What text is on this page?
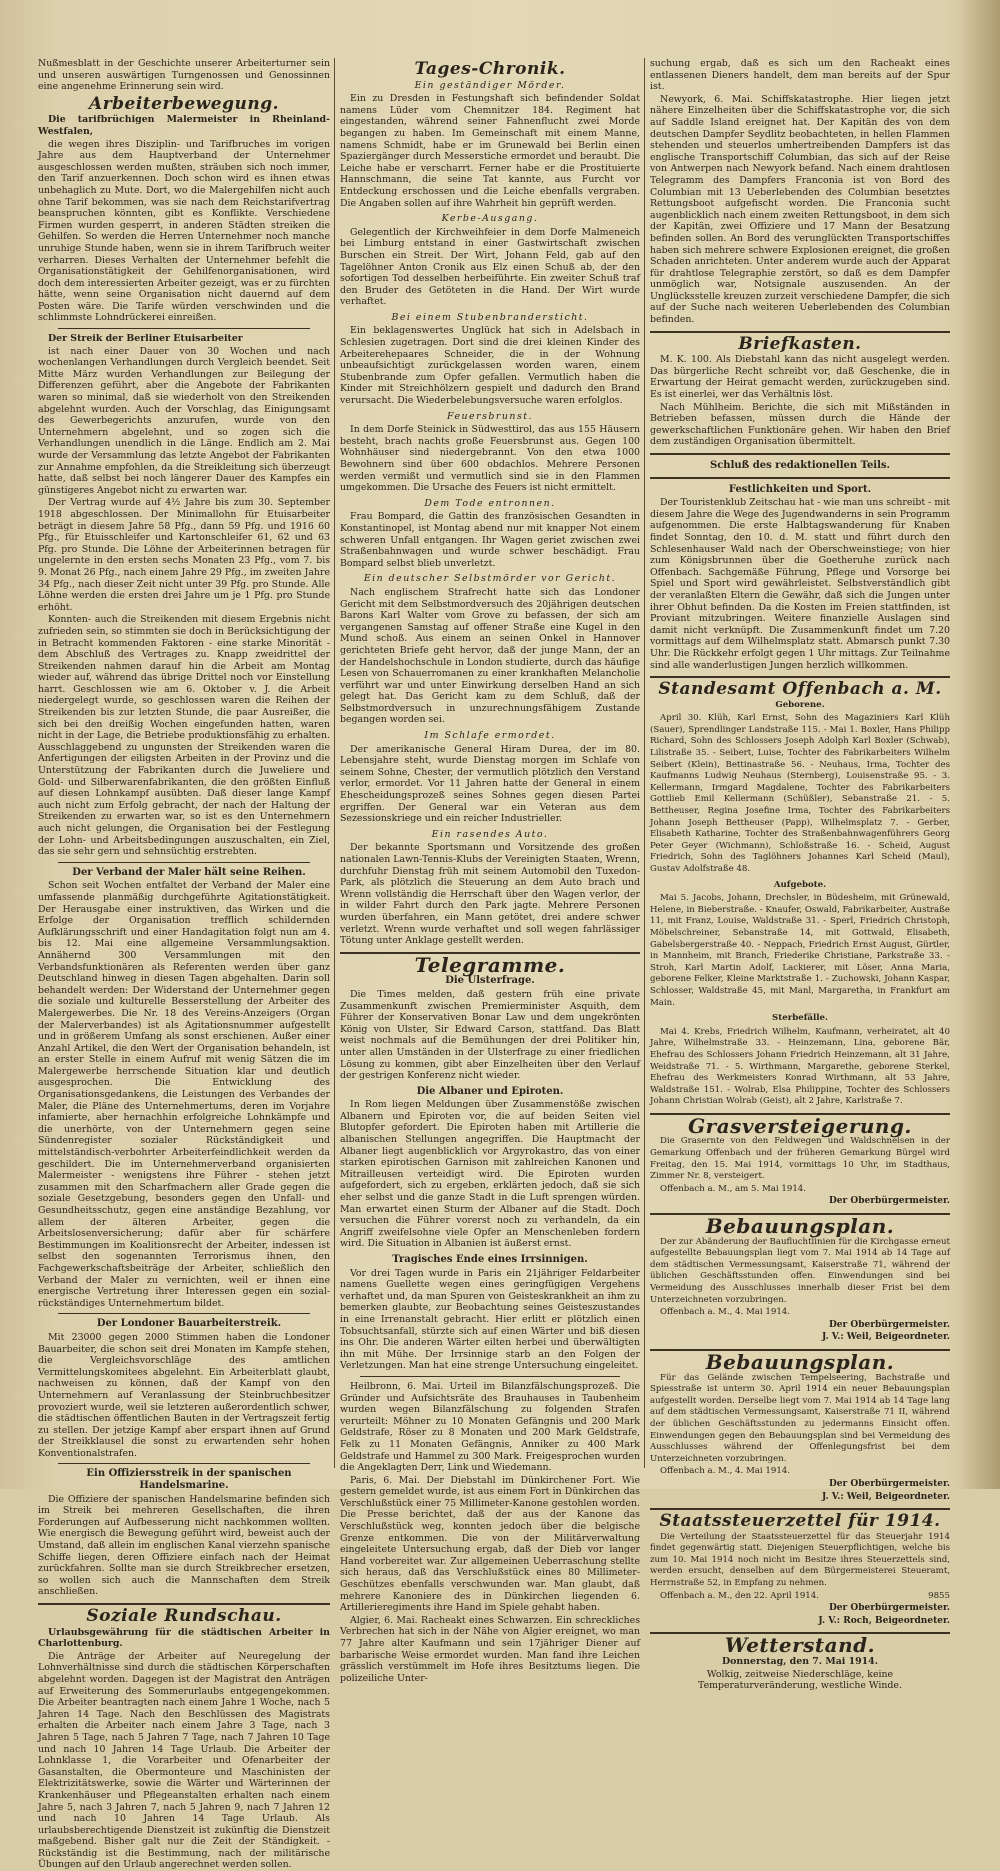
Nußmesblatt in der Geschichte unserer Arbeiterturner sein und unseren auswärtigen Turngenossen und Genossinnen eine angenehme Erinnerung sein wird.

Arbeiterbewegung.

Die tarifbrüchigen Malermeister in Rheinland-Westfalen,

die wegen ihres Disziplin- und Tarifbruches im vorigen Jahre aus dem Hauptverband der Unternehmer ausgeschlossen werden mußten, sträuben sich noch immer, den Tarif anzuerkennen. Doch schon wird es ihnen etwas unbehaglich zu Mute. Dort, wo die Malergehilfen nicht auch ohne Tarif bekommen, was sie nach dem Reichstarifvertrag beanspruchen könnten, gibt es Konflikte. Verschiedene Firmen wurden gesperrt, in anderen Städten streiken die Gehilfen. So werden die Herren Unternehmer noch manche unruhige Stunde haben, wenn sie in ihrem Tarifbruch weiter verharren. Dieses Verhalten der Unternehmer befehlt die Organisationstätigkeit der Gehilfenorganisationen, wird doch dem interessierten Arbeiter gezeigt, was er zu fürchten hätte, wenn seine Organisation nicht dauernd auf dem Posten wäre. Die Tarife würden verschwinden und die schlimmste Lohndrückerei einreißen.

Der Streik der Berliner Etuisarbeiter

ist nach einer Dauer von 30 Wochen und nach wochenlangen Verhandlungen durch Vergleich beendet. Seit Mitte März wurden Verhandlungen zur Beilegung der Differenzen geführt, aber die Angebote der Fabrikanten waren so minimal, daß sie wiederholt von den Streikenden abgelehnt wurden. Auch der Vorschlag, das Einigungsamt des Gewerbegerichts anzurufen, wurde von den Unternehmern abgelehnt, und so zogen sich die Verhandlungen unendlich in die Länge. Endlich am 2. Mai wurde der Versammlung das letzte Angebot der Fabrikanten zur Annahme empfohlen, da die Streikleitung sich überzeugt hatte, daß selbst bei noch längerer Dauer des Kampfes ein günstigeres Angebot nicht zu erwarten war.

Der Vertrag wurde auf 4½ Jahre bis zum 30. September 1918 abgeschlossen. Der Minimallohn für Etuisarbeiter beträgt in diesem Jahre 58 Pfg., dann 59 Pfg. und 1916 60 Pfg., für Etuisschleifer und Kartonschleifer 61, 62 und 63 Pfg. pro Stunde. Die Löhne der Arbeiterinnen betragen für ungelernte in den ersten sechs Monaten 23 Pfg., vom 7. bis 9. Monat 26 Pfg., nach einem Jahre 29 Pfg., im zweiten Jahre 34 Pfg., nach dieser Zeit nicht unter 39 Pfg. pro Stunde. Alle Löhne werden die ersten drei Jahre um je 1 Pfg. pro Stunde erhöht.

Konnten- auch die Streikenden mit diesem Ergebnis nicht zufrieden sein, so stimmten sie doch in Berücksichtigung der in Betracht kommenden Faktoren - eine starke Minorität - dem Abschluß des Vertrages zu. Knapp zweidrittel der Streikenden nahmen darauf hin die Arbeit am Montag wieder auf, während das übrige Drittel noch vor Einstellung harrt. Geschlossen wie am 6. Oktober v. J. die Arbeit niedergelegt wurde, so geschlossen waren die Reihen der Streikenden bis zur letzten Stunde, die paar Ausreißer, die sich bei den dreißig Wochen eingefunden hatten, waren nicht in der Lage, die Betriebe produktionsfähig zu erhalten. Ausschlaggebend zu ungunsten der Streikenden waren die Anfertigungen der eiligsten Arbeiten in der Provinz und die Unterstützung der Fabrikanten durch die Juweliere und Gold- und Silberwarenfabrikanten, die den größten Einfluß auf diesen Lohnkampf ausübten. Daß dieser lange Kampf auch nicht zum Erfolg gebracht, der nach der Haltung der Streikenden zu erwarten war, so ist es den Unternehmern auch nicht gelungen, die Organisation bei der Festlegung der Lohn- und Arbeitsbedingungen auszuschalten, ein Ziel, das sie sehr gern und sehnsüchtig erstrebten.

Der Verband der Maler hält seine Reihen.

Schon seit Wochen entfaltet der Verband der Maler eine umfassende planmäßig durchgeführte Agitationstätigkeit. Der Herausgabe einer instruktiven, das Wirken und die Erfolge der Organisation trefflich schildernden Aufklärungsschrift und einer Handagitation folgt nun am 4. bis 12. Mai eine allgemeine Versammlungsaktion. Annähernd 300 Versammlungen mit den Verbandsfunktionären als Referenten werden über ganz Deutschland hinweg in diesen Tagen abgehalten. Darin soll behandelt werden: Der Widerstand der Unternehmer gegen die soziale und kulturelle Besserstellung der Arbeiter des Malergewerbes. Die Nr. 18 des Vereins-Anzeigers (Organ der Malerverbandes) ist als Agitationsnummer aufgestellt und in größerem Umfang als sonst erschienen. Außer einer Anzahl Artikel, die den Wert der Organisation behandeln, ist an erster Stelle in einem Aufruf mit wenig Sätzen die im Malergewerbe herrschende Situation klar und deutlich ausgesprochen. Die Entwicklung des Organisationsgedankens, die Leistungen des Verbandes der Maler, die Pläne des Unternehmertums, deren im Vorjahre infamierte, aber hernachhin erfolgreiche Lohnkämpfe und die unerhörte, von der Unternehmern gegen seine Sündenregister sozialer Rückständigkeit und mittelständisch-verbohrter Arbeiterfeindlichkeit werden da geschildert. Die im Unternehmerverband organisierten Malermeister - wenigstens ihre Führer - stehen jetzt zusammen mit den Scharfmachern aller Grade gegen die soziale Gesetzgebung, besonders gegen den Unfall- und Gesundheitsschutz, gegen eine anständige Bezahlung, vor allem der älteren Arbeiter, gegen die Arbeitslosenversicherung; dafür aber für schärfere Bestimmungen im Koalitionsrecht der Arbeiter, indessen ist selbst den sogenannten Terrorismus ihnen, den Fachgewerkschaftsbeiträge der Arbeiter, schließlich den Verband der Maler zu vernichten, weil er ihnen eine energische Vertretung ihrer Interessen gegen ein sozial-rückständiges Unternehmertum bildet.

Der Londoner Bauarbeiterstreik.

Mit 23000 gegen 2000 Stimmen haben die Londoner Bauarbeiter, die schon seit drei Monaten im Kampfe stehen, die Vergleichsvorschläge des amtlichen Vermittelungskomitees abgelehnt. Ein Arbeiterblatt glaubt, nachweisen zu können, daß der Kampf von den Unternehmern auf Veranlassung der Steinbruchbesitzer provoziert wurde, weil sie letzteren außerordentlich schwer, die städtischen öffentlichen Bauten in der Vertragszeit fertig zu stellen. Der jetzige Kampf aber erspart ihnen auf Grund der Streikklausel die sonst zu erwartenden sehr hohen Konventionalstrafen.

Ein Offiziersstreik in der spanischen Handelsmarine.

Die Offiziere der spanischen Handelsmarine befinden sich im Streik bei mehreren Gesellschaften, die ihren Forderungen auf Aufbesserung nicht nachkommen wollten. Wie energisch die Bewegung geführt wird, beweist auch der Umstand, daß allein im englischen Kanal vierzehn spanische Schiffe liegen, deren Offiziere einfach nach der Heimat zurückfahren. Sollte man sie durch Streikbrecher ersetzen, so wollen sich auch die Mannschaften dem Streik anschließen.

Soziale Rundschau.

Urlaubsgewährung für die städtischen Arbeiter in Charlottenburg.

Die Anträge der Arbeiter auf Neuregelung der Lohnverhältnisse sind durch die städtischen Körperschaften abgelehnt worden. Dagegen ist der Magistrat den Anträgen auf Erweiterung des Sommerurlaubs entgegengekommen. Die Arbeiter beantragten nach einem Jahre 1 Woche, nach 5 Jahren 14 Tage. Nach den Beschlüssen des Magistrats erhalten die Arbeiter nach einem Jahre 3 Tage, nach 3 Jahren 5 Tage, nach 5 Jahren 7 Tage, nach 7 Jahren 10 Tage und nach 10 Jahren 14 Tage Urlaub. Die Arbeiter der Lohnklasse 1, die Vorarbeiter und Ofenarbeiter der Gasanstalten, die Obermonteure und Maschinisten der Elektrizitätswerke, sowie die Wärter und Wärterinnen der Krankenhäuser und Pflegeanstalten erhalten nach einem Jahre 5, nach 3 Jahren 7, nach 5 Jahren 9, nach 7 Jahren 12 und nach 10 Jahren 14 Tage Urlaub. Als urlaubsberechtigende Dienstzeit ist zukünftig die Dienstzeit maßgebend. Bisher galt nur die Zeit der Ständigkeit. - Rückständig ist die Bestimmung, nach der militärische Übungen auf den Urlaub angerechnet werden sollen.

Tages-Chronik.
Ein geständiger Mörder.

Ein zu Dresden in Festungshaft sich befindender Soldat namens Lüder vom Chemnitzer 184. Regiment hat eingestanden, während seiner Fahnenflucht zwei Morde begangen zu haben. Im Gemeinschaft mit einem Manne, namens Schmidt, habe er im Grunewald bei Berlin einen Spaziergänger durch Messerstiche ermordet und beraubt. Die Leiche habe er verscharrt. Ferner habe er die Prostituierte Hannschmann, die seine Tat kannte, aus Furcht vor Entdeckung erschossen und die Leiche ebenfalls vergraben. Die Angaben sollen auf ihre Wahrheit hin geprüft werden.

Kerbe-Ausgang.

Gelegentlich der Kirchweihfeier in dem Dorfe Malmeneich bei Limburg entstand in einer Gastwirtschaft zwischen Burschen ein Streit. Der Wirt, Johann Feld, gab auf den Tagelöhner Anton Cronik aus Elz einen Schuß ab, der den sofortigen Tod desselben herbeiführte. Ein zweiter Schuß traf den Bruder des Getöteten in die Hand. Der Wirt wurde verhaftet.

Bei einem Stubenbrandersticht.

Ein beklagenswertes Unglück hat sich in Adelsbach in Schlesien zugetragen. Dort sind die drei kleinen Kinder des Arbeiterehepaares Schneider, die in der Wohnung unbeaufsichtigt zurückgelassen worden waren, einem Stubenbrande zum Opfer gefallen. Vermutlich haben die Kinder mit Streichhölzern gespielt und dadurch den Brand verursacht. Die Wiederbelebungsversuche waren erfolglos.

Feuersbrunst.

In dem Dorfe Steinick in Südwesttirol, das aus 155 Häusern besteht, brach nachts große Feuersbrunst aus. Gegen 100 Wohnhäuser sind niedergebrannt. Von den etwa 1000 Bewohnern sind über 600 obdachlos. Mehrere Personen werden vermißt und vermutlich sind sie in den Flammen umgekommen. Die Ursache des Feuers ist nicht ermittelt.

Dem Tode entronnen.

Frau Bompard, die Gattin des französischen Gesandten in Konstantinopel, ist Montag abend nur mit knapper Not einem schweren Unfall entgangen. Ihr Wagen geriet zwischen zwei Straßenbahnwagen und wurde schwer beschädigt. Frau Bompard selbst blieb unverletzt.

Ein deutscher Selbstmörder vor Gericht.

Nach englischem Strafrecht hatte sich das Londoner Gericht mit dem Selbstmordversuch des 20jährigen deutschen Barons Karl Walter vom Grove zu befassen, der sich am vergangenen Samstag auf offener Straße eine Kugel in den Mund schoß. Aus einem an seinen Onkel in Hannover gerichteten Briefe geht hervor, daß der junge Mann, der an der Handelshochschule in London studierte, durch das häufige Lesen von Schauerromanen zu einer krankhaften Melancholie verführt war und unter Einwirkung derselben Hand an sich gelegt hat. Das Gericht kam zu dem Schluß, daß der Selbstmordversuch in unzurechnungsfähigem Zustande begangen worden sei.

Im Schlafe ermordet.

Der amerikanische General Hiram Durea, der im 80. Lebensjahre steht, wurde Dienstag morgen im Schlafe von seinem Sohne, Chester, der vermutlich plötzlich den Verstand verlor, ermordet. Vor 11 Jahren hatte der General in einem Ehescheidungsprozeß seines Sohnes gegen diesen Partei ergriffen. Der General war ein Veteran aus dem Sezessionskriege und ein reicher Industrieller.

Ein rasendes Auto.

Der bekannte Sportsmann und Vorsitzende des großen nationalen Lawn-Tennis-Klubs der Vereinigten Staaten, Wrenn, durchfuhr Dienstag früh mit seinem Automobil den Tuxedon-Park, als plötzlich die Steuerung an dem Auto brach und Wrenn vollständig die Herrschaft über den Wagen verlor, der in wilder Fahrt durch den Park jagte. Mehrere Personen wurden überfahren, ein Mann getötet, drei andere schwer verletzt. Wrenn wurde verhaftet und soll wegen fahrlässiger Tötung unter Anklage gestellt werden.

Telegramme.
Die Ulsterfrage.

Die Times melden, daß gestern früh eine private Zusammenkunft zwischen Premierminister Asquith, dem Führer der Konservativen Bonar Law und dem ungekrönten König von Ulster, Sir Edward Carson, stattfand. Das Blatt weist nochmals auf die Bemühungen der drei Politiker hin, unter allen Umständen in der Ulsterfrage zu einer friedlichen Lösung zu kommen, gibt aber Einzelheiten über den Verlauf der gestrigen Konferenz nicht wieder.

Die Albaner und Epiroten.

In Rom liegen Meldungen über Zusammenstöße zwischen Albanern und Epiroten vor, die auf beiden Seiten viel Blutopfer gefordert. Die Epiroten haben mit Artillerie die albanischen Stellungen angegriffen. Die Hauptmacht der Albaner liegt augenblicklich vor Argyrokastro, das von einer starken epirotischen Garnison mit zahlreichen Kanonen und Mitrailleusen verteidigt wird. Die Epiroten wurden aufgefordert, sich zu ergeben, erklärten jedoch, daß sie sich eher selbst und die ganze Stadt in die Luft sprengen würden. Man erwartet einen Sturm der Albaner auf die Stadt. Doch versuchen die Führer vorerst noch zu verhandeln, da ein Angriff zweifelsohne viele Opfer an Menschenleben fordern wird. Die Situation in Albanien ist äußerst ernst.

Tragisches Ende eines Irrsinnigen.

Vor drei Tagen wurde in Paris ein 21jähriger Feldarbeiter namens Guellette wegen eines geringfügigen Vergehens verhaftet und, da man Spuren von Geisteskrankheit an ihm zu bemerken glaubte, zur Beobachtung seines Geisteszustandes in eine Irrenanstalt gebracht. Hier erlitt er plötzlich einen Tobsuchtsanfall, stürzte sich auf einen Wärter und biß diesen ins Ohr. Die anderen Wärter eilten herbei und überwältigten ihn mit Mühe. Der Irrsinnige starb an den Folgen der Verletzungen. Man hat eine strenge Untersuchung eingeleitet.

Heilbronn, 6. Mai. Urteil im Bilanzfälschungsprozeß. Die Gründer und Aufsichtsräte des Brauhauses in Taubenheim wurden wegen Bilanzfälschung zu folgenden Strafen verurteilt: Möhner zu 10 Monaten Gefängnis und 200 Mark Geldstrafe, Röser zu 8 Monaten und 200 Mark Geldstrafe, Felk zu 11 Monaten Gefängnis, Anniker zu 400 Mark Geldstrafe und Hammel zu 300 Mark. Freigesprochen wurden die Angeklagten Derr, Link und Wiedemann.

Paris, 6. Mai. Der Diebstahl im Dünkirchener Fort. Wie gestern gemeldet wurde, ist aus einem Fort in Dünkirchen das Verschlußstück einer 75 Millimeter-Kanone gestohlen worden. Die Presse berichtet, daß der aus der Kanone das Verschlußstück weg, konnten jedoch über die belgische Grenze entkommen. Die von der Militärverwaltung eingeleitete Untersuchung ergab, daß der Dieb vor langer Hand vorbereitet war. Zur allgemeinen Ueberraschung stellte sich heraus, daß das Verschlußstück eines 80 Millimeter-Geschützes ebenfalls verschwunden war. Man glaubt, daß mehrere Kanoniere des in Dünkirchen liegenden 6. Artillerieregiments ihre Hand im Spiele gehabt haben.

Algier, 6. Mai. Racheakt eines Schwarzen. Ein schreckliches Verbrechen hat sich in der Nähe von Algier ereignet, wo man 77 Jahre alter Kaufmann und sein 17jähriger Diener auf barbarische Weise ermordet wurden. Man fand ihre Leichen grässlich verstümmelt im Hofe ihres Besitztums liegen. Die polizeiliche Unter-

suchung ergab, daß es sich um den Racheakt eines entlassenen Dieners handelt, dem man bereits auf der Spur ist.

Newyork, 6. Mai. Schiffskatastrophe. Hier liegen jetzt nähere Einzelheiten über die Schiffskatastrophe vor, die sich auf Saddle Island ereignet hat. Der Kapitän des von dem deutschen Dampfer Seydlitz beobachteten, in hellen Flammen stehenden und steuerlos umhertreibenden Dampfers ist das englische Transportschiff Columbian, das sich auf der Reise von Antwerpen nach Newyork befand. Nach einem drahtlosen Telegramm des Dampfers Franconia ist von Bord des Columbian mit 13 Ueberlebenden des Columbian besetztes Rettungsboot aufgefischt worden. Die Franconia sucht augenblicklich nach einem zweiten Rettungsboot, in dem sich der Kapitän, zwei Offiziere und 17 Mann der Besatzung befinden sollen. An Bord des verunglückten Transportschiffes haben sich mehrere schwere Explosionen ereignet, die großen Schaden anrichteten. Unter anderem wurde auch der Apparat für drahtlose Telegraphie zerstört, so daß es dem Dampfer unmöglich war, Notsignale auszusenden. An der Unglücksstelle kreuzen zurzeit verschiedene Dampfer, die sich auf der Suche nach weiteren Ueberlebenden des Columbian befinden.

Briefkasten.

M. K. 100. Als Diebstahl kann das nicht ausgelegt werden. Das bürgerliche Recht schreibt vor, daß Geschenke, die in Erwartung der Heirat gemacht werden, zurückzugeben sind. Es ist einerlei, wer das Verhältnis löst.

Nach Mühlheim. Berichte, die sich mit Mißständen in Betrieben befassen, müssen durch die Hände der gewerkschaftlichen Funktionäre gehen. Wir haben den Brief dem zuständigen Organisation übermittelt.

Schluß des redaktionellen Teils.
Festlichkeiten und Sport.

Der Touristenklub Zeitschau hat - wie man uns schreibt - mit diesem Jahre die Wege des Jugendwanderns in sein Programm aufgenommen. Die erste Halbtagswanderung für Knaben findet Sonntag, den 10. d. M. statt und führt durch den Schlesenhauser Wald nach der Oberschweinstiege; von hier zum Königsbrunnen über die Goetheruhe zurück nach Offenbach. Sachgemäße Führung, Pflege und Vorsorge bei Spiel und Sport wird gewährleistet. Selbstverständlich gibt der veranlaßten Eltern die Gewähr, daß sich die Jungen unter ihrer Obhut befinden. Da die Kosten im Freien stattfinden, ist Proviant mitzubringen. Weitere finanzielle Auslagen sind damit nicht verknüpft. Die Zusammenkunft findet um 7.20 vormittags auf dem Wilhelmsplatz statt. Abmarsch punkt 7.30 Uhr. Die Rückkehr erfolgt gegen 1 Uhr mittags. Zur Teilnahme sind alle wanderlustigen Jungen herzlich willkommen.

Standesamt Offenbach a. M.
Geborene.

April 30. Klüh, Karl Ernst, Sohn des Magaziniers Karl Klüh (Sauer), Sprendlinger Landstraße 115. - Mai 1. Boxler, Hans Philipp Richard, Sohn des Schlossers Joseph Adolph Karl Boxler (Schwab), Lilistraße 35. - Seibert, Luise, Tochter des Fabrikarbeiters Wilhelm Seibert (Klein), Bettinastraße 56. - Neuhaus, Irma, Tochter des Kaufmanns Ludwig Neuhaus (Sternberg), Louisenstraße 95. - 3. Kellermann, Irmgard Magdalene, Tochter des Fabrikarbeiters Gottlieb Emil Kellermann (Schüßler), Sebanstraße 21. - 5. Bettheuser, Regina Josefine Irma, Tochter des Fabrikarbeiters Johann Joseph Bettheuser (Papp), Wilhelmsplatz 7. - Gerber, Elisabeth Katharine, Tochter des Straßenbahnwagenführers Georg Peter Geyer (Wichmann), Schloßstraße 16. - Scheid, August Friedrich, Sohn des Taglöhners Johannes Karl Scheid (Maul), Gustav Adolfstraße 48.

Aufgebote.

Mai 5. Jacobs, Johann, Drechsler, in Büdesheim, mit Grünewald, Helene, in Bieberstraße. - Knaufer, Oswald, Fabrikarbeiter, Austraße 11, mit Franz, Louise, Waldstraße 31. - Sperl, Friedrich Christoph, Möbelschreiner, Sebanstraße 14, mit Gottwald, Elisabeth, Gabelsbergerstraße 40. - Neppach, Friedrich Ernst August, Gürtler, in Mannheim, mit Branch, Friederike Christiane, Parkstraße 33. - Stroh, Karl Martin Adolf, Lackierer, mit Löser, Anna Maria, geborene Felker, Kleine Marktstraße 1. - Zuchowski, Johann Kaspar, Schlosser, Waldstraße 45, mit Manl, Margaretha, in Frankfurt am Main.

Sterbefälle.

Mai 4. Krebs, Friedrich Wilhelm, Kaufmann, verheiratet, alt 40 Jahre, Wilhelmstraße 33. - Heinzemann, Lina, geborene Bär, Ehefrau des Schlossers Johann Friedrich Heinzemann, alt 31 Jahre, Weidstraße 71. - 5. Wirthmann, Margarethe, geborene Sterkel, Ehefrau des Werkmeisters Konrad Wirthmann, alt 53 Jahre, Waldstraße 151. - Wolrab, Elsa Philippine, Tochter des Schlossers Johann Christian Wolrab (Geist), alt 2 Jahre, Karlstraße 7.

Grasversteigerung.

Die Grasernte von den Feldwegen und Waldschneisen in der Gemarkung Offenbach und der früheren Gemarkung Bürgel wird Freitag, den 15. Mai 1914, vormittags 10 Uhr, im Stadthaus, Zimmer Nr. 8, versteigert.

Offenbach a. M., am 5. Mai 1914.

Der Oberbürgermeister.

Bebauungsplan.

Der zur Abänderung der Baufluchtlinien für die Kirchgasse erneut aufgestellte Bebauungsplan liegt vom 7. Mai 1914 ab 14 Tage auf dem städtischen Vermessungsamt, Kaiserstraße 71, während der üblichen Geschäftsstunden offen. Einwendungen sind bei Vermeidung des Ausschlusses innerhalb dieser Frist bei dem Unterzeichneten vorzubringen.

Offenbach a. M., 4. Mai 1914.

Der Oberbürgermeister.

J. V.: Weil, Beigeordneter.

Bebauungsplan.

Für das Gelände zwischen Tempelseering, Bachstraße und Spiesstraße ist unterm 30. April 1914 ein neuer Bebauungsplan aufgestellt worden. Derselbe liegt vom 7. Mai 1914 ab 14 Tage lang auf dem städtischen Vermessungsamt, Kaiserstraße 71 II, während der üblichen Geschäftsstunden zu jedermanns Einsicht offen. Einwendungen gegen den Bebauungsplan sind bei Vermeidung des Ausschlusses während der Offenlegungsfrist bei dem Unterzeichneten vorzubringen.

Offenbach a. M., 4. Mai 1914.

Der Oberbürgermeister.

J. V.: Weil, Beigeordneter.

Staatssteuerzettel für 1914.

Die Verteilung der Staatssteuerzettel für das Steuerjahr 1914 findet gegenwärtig statt. Diejenigen Steuerpflichtigen, welche bis zum 10. Mai 1914 noch nicht im Besitze ihres Steuerzettels sind, werden ersucht, denselben auf dem Bürgermeisterei Steueramt, Herrnstraße 52, in Empfang zu nehmen.

Offenbach a. M., den 22. April 1914.	9855

Der Oberbürgermeister.

J. V.: Roch, Beigeordneter.

Wetterstand.

Donnerstag, den 7. Mai 1914.

Wolkig, zeitweise Niederschläge, keine Temperaturveränderung, westliche Winde.
